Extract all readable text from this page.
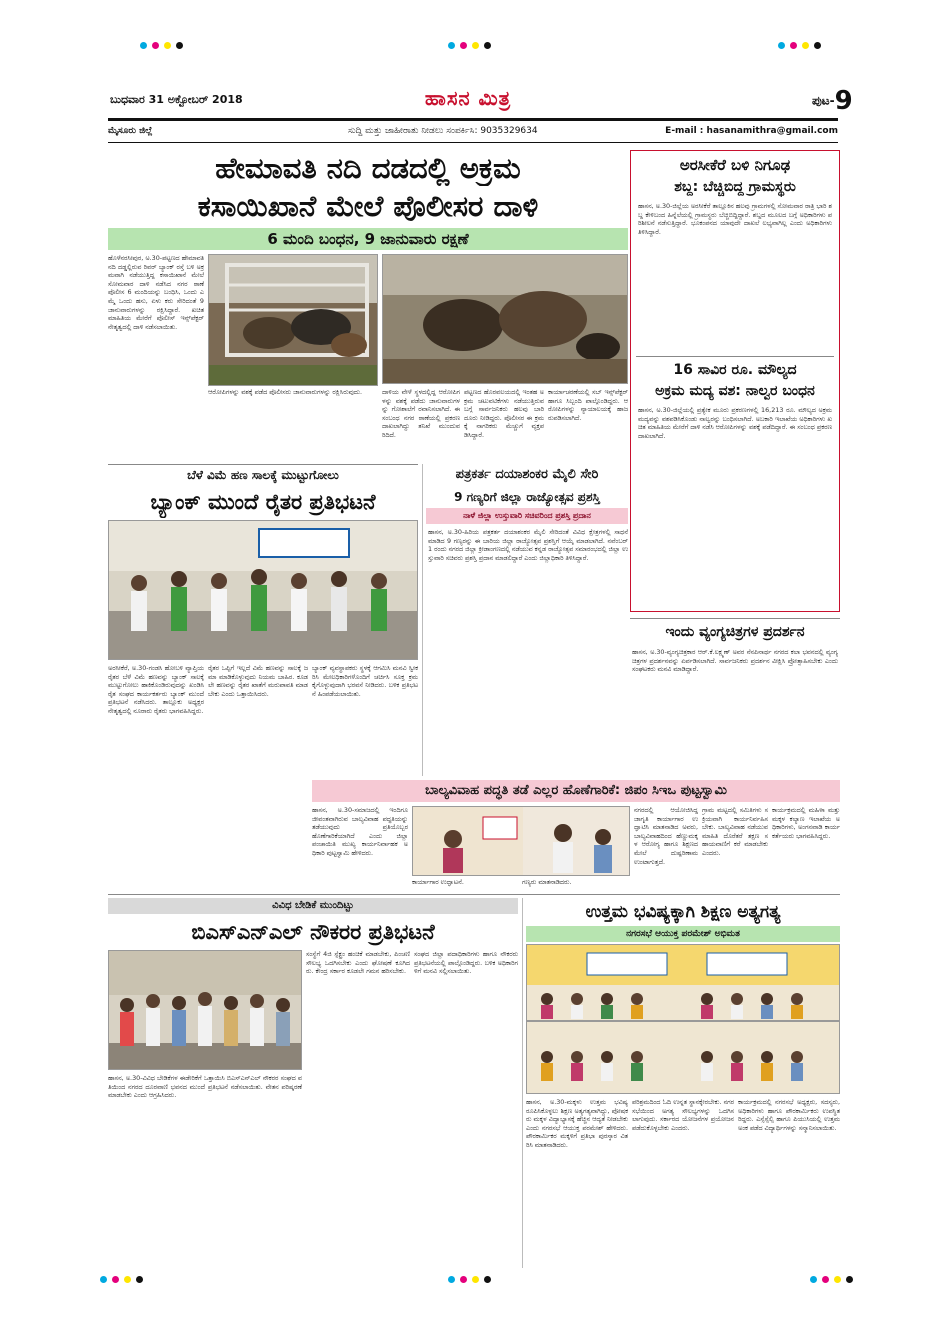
ಬುಧವಾರ 31 ಅಕ್ಟೋಬರ್ 2018	ಹಾಸನ ಮಿತ್ರ	ಪುಟ-9
ಮೈಸೂರು ಜಿಲ್ಲೆ	ಸುದ್ದಿ ಮತ್ತು ಜಾಹೀರಾತು ನೀಡಲು ಸಂಪರ್ಕಿಸಿ: 9035329634	E-mail : hasanamithra@gmail.com
ಹೇಮಾವತಿ ನದಿ ದಡದಲ್ಲಿ ಅಕ್ರಮ
ಕಸಾಯಿಖಾನೆ ಮೇಲೆ ಪೊಲೀಸರ ದಾಳಿ
6 ಮಂದಿ ಬಂಧನ, 9 ಜಾನುವಾರು ರಕ್ಷಣೆ

ಹೊಳೆನರಸೀಪುರ, ಅ.30-ಪಟ್ಟಣದ ಹೇಮಾವತಿ ನದಿ ದಡ್ಡಲ್ಲಿರುವ ರಿವರ್ ಬ್ಯಾಂಕ್ ರಸ್ತೆ ಬಳಿ ಅಕ್ರಮವಾಗಿ ನಡೆಯುತ್ತಿದ್ದ ಕಸಾಯಿಖಾನೆ ಮೇಲೆ ಸೋಮವಾರ ದಾಳಿ ನಡೆಸಿದ ನಗರ ಠಾಣೆ ಪೊಲೀಸ 6 ಮಂದಿಯನ್ನು ಬಂಧಿಸಿ, ಒಂದು ಎಮ್ಮೆ ಒಂದು ಹಸು, ಏಳು ಕರು ಸೇರಿದಂತೆ 9 ಜಾನುವಾರುಗಳನ್ನು ರಕ್ಷಿಸಿದ್ದಾರೆ. ಖಚಿತ ಮಾಹಿತಿಯ ಮೇರೆಗೆ ಪೊಲೀಸ್ ಇನ್ಸ್‌ಪೆಕ್ಟರ್ ನೇತೃತ್ವದಲ್ಲಿ ದಾಳಿ ನಡೆಸಲಾಯಿತು.

ಆರೋಪಿಗಳನ್ನು ವಶಕ್ಕೆ ಪಡೆದ ಪೊಲೀಸರು ಜಾನುವಾರುಗಳನ್ನು ರಕ್ಷಿಸಿರುವುದು.	ದಾಳಿಯ ವೇಳೆ ಸ್ಥಳದಲ್ಲಿದ್ದ ಆರೋಪಿಗಳನ್ನು ವಶಕ್ಕೆ ಪಡೆದು ಜಾನುವಾರುಗಳನ್ನು ಗೋಶಾಲೆಗೆ ರವಾನಿಸಲಾಗಿದೆ. ಈ ಸಂಬಂಧ ನಗರ ಠಾಣೆಯಲ್ಲಿ ಪ್ರಕರಣ ದಾಖಲಾಗಿದ್ದು ತನಿಖೆ ಮುಂದುವರಿದಿದೆ.

ಪಟ್ಟಣದ ಹೊರವಲಯದಲ್ಲಿ ಇಂತಹ ಅಕ್ರಮ ಚಟುವಟಿಕೆಗಳು ನಡೆಯುತ್ತಿರುವ ಬಗ್ಗೆ ಸಾರ್ವಜನಿಕರು ಹಲವು ಬಾರಿ ದೂರು ನೀಡಿದ್ದರು. ಪೊಲೀಸರ ಈ ಕ್ರಮಕ್ಕೆ ನಾಗರಿಕರು ಮೆಚ್ಚುಗೆ ವ್ಯಕ್ತಪಡಿಸಿದ್ದಾರೆ.

ಕಾರ್ಯಾಚರಣೆಯಲ್ಲಿ ಸಬ್ ಇನ್ಸ್‌ಪೆಕ್ಟರ್ ಹಾಗೂ ಸಿಬ್ಬಂದಿ ಪಾಲ್ಗೊಂಡಿದ್ದರು. ಆರೋಪಿಗಳನ್ನು ನ್ಯಾಯಾಲಯಕ್ಕೆ ಹಾಜರುಪಡಿಸಲಾಗಿದೆ.

ಅರಸೀಕೆರೆ ಬಳಿ ನಿಗೂಢ
ಶಬ್ದ: ಬೆಚ್ಚಿಬಿದ್ದ ಗ್ರಾಮಸ್ಥರು

ಹಾಸನ, ಅ.30-ಜಿಲ್ಲೆಯ ಅರಸೀಕೆರೆ ತಾಲ್ಲೂಕಿನ ಹಲವು ಗ್ರಾಮಗಳಲ್ಲಿ ಸೋಮವಾರ ರಾತ್ರಿ ಭಾರಿ ಶಬ್ದ ಕೇಳಿಬಂದ ಹಿನ್ನೆಲೆಯಲ್ಲಿ ಗ್ರಾಮಸ್ಥರು ಬೆಚ್ಚಿಬಿದ್ದಿದ್ದಾರೆ. ಶಬ್ದದ ಮೂಲದ ಬಗ್ಗೆ ಅಧಿಕಾರಿಗಳು ಪರಿಶೀಲನೆ ನಡೆಸುತ್ತಿದ್ದಾರೆ. ಭೂಕಂಪನದ ಯಾವುದೇ ದಾಖಲೆ ಲಭ್ಯವಾಗಿಲ್ಲ ಎಂದು ಅಧಿಕಾರಿಗಳು ತಿಳಿಸಿದ್ದಾರೆ.

16 ಸಾವಿರ ರೂ. ಮೌಲ್ಯದ
ಅಕ್ರಮ ಮದ್ಯ ವಶ: ನಾಲ್ವರ ಬಂಧನ

ಹಾಸನ, ಅ.30-ಜಿಲ್ಲೆಯಲ್ಲಿ ಪ್ರತ್ಯೇಕ ಮೂರು ಪ್ರಕರಣಗಳಲ್ಲಿ 16,213 ರೂ. ಮೌಲ್ಯದ ಅಕ್ರಮ ಮದ್ಯವನ್ನು ವಶಪಡಿಸಿಕೊಂಡು ನಾಲ್ವರನ್ನು ಬಂಧಿಸಲಾಗಿದೆ. ಅಬಕಾರಿ ಇಲಾಖೆಯ ಅಧಿಕಾರಿಗಳು ಖಚಿತ ಮಾಹಿತಿಯ ಮೇರೆಗೆ ದಾಳಿ ನಡೆಸಿ ಆರೋಪಿಗಳನ್ನು ವಶಕ್ಕೆ ಪಡೆದಿದ್ದಾರೆ. ಈ ಸಂಬಂಧ ಪ್ರಕರಣ ದಾಖಲಾಗಿದೆ.

ಬೆಳೆ ವಿಮೆ ಹಣ ಸಾಲಕ್ಕೆ ಮುಟ್ಟುಗೋಲು
ಬ್ಯಾಂಕ್ ಮುಂದೆ ರೈತರ ಪ್ರತಿಭಟನೆ

ಅರಸೀಕೆರೆ, ಅ.30-ಗಂಡಸಿ ಹೋಬಳಿ ವ್ಯಾಪ್ತಿಯ ರೈತರ ಬೆಳೆ ವಿಮೆ ಹಣವನ್ನು ಬ್ಯಾಂಕ್ ಸಾಲಕ್ಕೆ ಮುಟ್ಟುಗೋಲು ಹಾಕಿಕೊಂಡಿರುವುದನ್ನು ಖಂಡಿಸಿ ರೈತ ಸಂಘದ ಕಾರ್ಯಕರ್ತರು ಬ್ಯಾಂಕ್ ಮುಂದೆ ಪ್ರತಿಭಟನೆ ನಡೆಸಿದರು. ತಾಲ್ಲೂಕು ಅಧ್ಯಕ್ಷರ ನೇತೃತ್ವದಲ್ಲಿ ನೂರಾರು ರೈತರು ಭಾಗವಹಿಸಿದ್ದರು.

ರೈತರ ಒಪ್ಪಿಗೆ ಇಲ್ಲದೆ ವಿಮೆ ಹಣವನ್ನು ಸಾಲಕ್ಕೆ ಜಮಾ ಮಾಡಿಕೊಳ್ಳುವುದು ನಿಯಮ ಬಾಹಿರ. ಕೂಡಲೇ ಹಣವನ್ನು ರೈತರ ಖಾತೆಗೆ ಮರುಪಾವತಿ ಮಾಡಬೇಕು ಎಂದು ಒತ್ತಾಯಿಸಿದರು.

ಬ್ಯಾಂಕ್ ವ್ಯವಸ್ಥಾಪಕರು ಸ್ಥಳಕ್ಕೆ ಆಗಮಿಸಿ ಮನವಿ ಸ್ವೀಕರಿಸಿ ಮೇಲಧಿಕಾರಿಗಳೊಂದಿಗೆ ಚರ್ಚಿಸಿ ಸೂಕ್ತ ಕ್ರಮ ಕೈಗೊಳ್ಳುವುದಾಗಿ ಭರವಸೆ ನೀಡಿದರು. ಬಳಿಕ ಪ್ರತಿಭಟನೆ ಹಿಂಪಡೆಯಲಾಯಿತು.

ಪತ್ರಕರ್ತ ದಯಾಶಂಕರ ಮೈಲಿ ಸೇರಿ
9 ಗಣ್ಯರಿಗೆ ಜಿಲ್ಲಾ ರಾಜ್ಯೋತ್ಸವ ಪ್ರಶಸ್ತಿ
ನಾಳೆ ಜಿಲ್ಲಾ ಉಸ್ತುವಾರಿ ಸಚಿವರಿಂದ ಪ್ರಶಸ್ತಿ ಪ್ರದಾನ

ಹಾಸನ, ಅ.30-ಹಿರಿಯ ಪತ್ರಕರ್ತ ದಯಾಶಂಕರ ಮೈಲಿ ಸೇರಿದಂತೆ ವಿವಿಧ ಕ್ಷೇತ್ರಗಳಲ್ಲಿ ಸಾಧನೆ ಮಾಡಿದ 9 ಗಣ್ಯರನ್ನು ಈ ಬಾರಿಯ ಜಿಲ್ಲಾ ರಾಜ್ಯೋತ್ಸವ ಪ್ರಶಸ್ತಿಗೆ ಆಯ್ಕೆ ಮಾಡಲಾಗಿದೆ. ನವೆಂಬರ್ 1 ರಂದು ನಗರದ ಜಿಲ್ಲಾ ಕ್ರೀಡಾಂಗಣದಲ್ಲಿ ನಡೆಯುವ ಕನ್ನಡ ರಾಜ್ಯೋತ್ಸವ ಸಮಾರಂಭದಲ್ಲಿ ಜಿಲ್ಲಾ ಉಸ್ತುವಾರಿ ಸಚಿವರು ಪ್ರಶಸ್ತಿ ಪ್ರದಾನ ಮಾಡಲಿದ್ದಾರೆ ಎಂದು ಜಿಲ್ಲಾಧಿಕಾರಿ ತಿಳಿಸಿದ್ದಾರೆ.

ಇಂದು ವ್ಯಂಗ್ಯಚಿತ್ರಗಳ ಪ್ರದರ್ಶನ

ಹಾಸನ, ಅ.30-ವ್ಯಂಗ್ಯಚಿತ್ರಕಾರ ಆರ್.ಕೆ.ಲಕ್ಷ್ಮಣ್ ಅವರ ನೆನಪಿನಾರ್ಥ ನಗರದ ಕಲಾ ಭವನದಲ್ಲಿ ವ್ಯಂಗ್ಯಚಿತ್ರಗಳ ಪ್ರದರ್ಶನವನ್ನು ಏರ್ಪಡಿಸಲಾಗಿದೆ. ಸಾರ್ವಜನಿಕರು ಪ್ರದರ್ಶನ ವೀಕ್ಷಿಸಿ ಪ್ರೋತ್ಸಾಹಿಸಬೇಕು ಎಂದು ಸಂಘಟಕರು ಮನವಿ ಮಾಡಿದ್ದಾರೆ.

ಬಾಲ್ಯವಿವಾಹ ಪದ್ಧತಿ ತಡೆ ಎಲ್ಲರ ಹೊಣೆಗಾರಿಕೆ: ಜಿಪಂ ಸಿಇಒ ಪುಟ್ಟಸ್ವಾಮಿ

ಹಾಸನ, ಅ.30-ಸಮಾಜದಲ್ಲಿ ಇಂದಿಗೂ ಜೀವಂತವಾಗಿರುವ ಬಾಲ್ಯವಿವಾಹ ಪದ್ಧತಿಯನ್ನು ತಡೆಯುವುದು ಪ್ರತಿಯೊಬ್ಬರ ಹೊಣೆಗಾರಿಕೆಯಾಗಿದೆ ಎಂದು ಜಿಲ್ಲಾ ಪಂಚಾಯಿತಿ ಮುಖ್ಯ ಕಾರ್ಯನಿರ್ವಾಹಕ ಅಧಿಕಾರಿ ಪುಟ್ಟಸ್ವಾಮಿ ಹೇಳಿದರು.

ಕಾರ್ಯಾಗಾರ ಉದ್ಘಾಟನೆ.	ಗಣ್ಯರು ಮಾತನಾಡಿದರು.

ನಗರದಲ್ಲಿ ಆಯೋಜಿಸಿದ್ದ ಜಾಗೃತಿ ಕಾರ್ಯಾಗಾರ ಉದ್ಘಾಟಿಸಿ ಮಾತನಾಡಿದ ಅವರು, ಬಾಲ್ಯವಿವಾಹದಿಂದ ಹೆಣ್ಣುಮಕ್ಕಳ ಆರೋಗ್ಯ ಹಾಗೂ ಶಿಕ್ಷಣದ ಮೇಲೆ ದುಷ್ಪರಿಣಾಮ ಉಂಟಾಗುತ್ತದೆ.

ಗ್ರಾಮ ಮಟ್ಟದಲ್ಲಿ ಸಮಿತಿಗಳು ಸಕ್ರಿಯವಾಗಿ ಕಾರ್ಯನಿರ್ವಹಿಸಬೇಕು. ಬಾಲ್ಯವಿವಾಹ ನಡೆಯುವ ಮಾಹಿತಿ ದೊರೆತರೆ ತಕ್ಷಣ ಸಹಾಯವಾಣಿಗೆ ಕರೆ ಮಾಡಬೇಕು ಎಂದರು.

ಕಾರ್ಯಕ್ರಮದಲ್ಲಿ ಮಹಿಳಾ ಮತ್ತು ಮಕ್ಕಳ ಕಲ್ಯಾಣ ಇಲಾಖೆಯ ಅಧಿಕಾರಿಗಳು, ಅಂಗನವಾಡಿ ಕಾರ್ಯಕರ್ತೆಯರು ಭಾಗವಹಿಸಿದ್ದರು.

ವಿವಿಧ ಬೇಡಿಕೆ ಮುಂದಿಟ್ಟು
ಬಿಎಸ್‌ಎನ್‌ಎಲ್ ನೌಕರರ ಪ್ರತಿಭಟನೆ

ಸಂಸ್ಥೆಗೆ 4ಜಿ ಸ್ಪೆಕ್ಟ್ರಂ ಹಂಚಿಕೆ ಮಾಡಬೇಕು, ಪಿಂಚಣಿ ಸೌಲಭ್ಯ ಒದಗಿಸಬೇಕು ಎಂದು ಘೋಷಣೆ ಕೂಗಿದರು. ಕೇಂದ್ರ ಸರ್ಕಾರ ಕೂಡಲೇ ಗಮನ ಹರಿಸಬೇಕು.

ಸಂಘದ ಜಿಲ್ಲಾ ಪದಾಧಿಕಾರಿಗಳು ಹಾಗೂ ನೌಕರರು ಪ್ರತಿಭಟನೆಯಲ್ಲಿ ಪಾಲ್ಗೊಂಡಿದ್ದರು. ಬಳಿಕ ಅಧಿಕಾರಿಗಳಿಗೆ ಮನವಿ ಸಲ್ಲಿಸಲಾಯಿತು.

ಹಾಸನ, ಅ.30-ವಿವಿಧ ಬೇಡಿಕೆಗಳ ಈಡೇರಿಕೆಗೆ ಒತ್ತಾಯಿಸಿ ಬಿಎಸ್‌ಎನ್‌ಎಲ್ ನೌಕರರ ಸಂಘದ ವತಿಯಿಂದ ನಗರದ ದೂರವಾಣಿ ಭವನದ ಮುಂದೆ ಪ್ರತಿಭಟನೆ ನಡೆಸಲಾಯಿತು. ವೇತನ ಪರಿಷ್ಕರಣೆ ಮಾಡಬೇಕು ಎಂದು ಆಗ್ರಹಿಸಿದರು.

ಉತ್ತಮ ಭವಿಷ್ಯಕ್ಕಾಗಿ ಶಿಕ್ಷಣ ಅತ್ಯಗತ್ಯ
ನಗರಸಭೆ ಆಯುಕ್ತ ಪರಮೇಶ್ ಅಭಿಮತ

ಹಾಸನ, ಅ.30-ಮಕ್ಕಳು ಉತ್ತಮ ಭವಿಷ್ಯ ರೂಪಿಸಿಕೊಳ್ಳಲು ಶಿಕ್ಷಣ ಅತ್ಯಗತ್ಯವಾಗಿದ್ದು, ಪೋಷಕರು ಮಕ್ಕಳ ವಿದ್ಯಾಭ್ಯಾಸಕ್ಕೆ ಹೆಚ್ಚಿನ ಆದ್ಯತೆ ನೀಡಬೇಕು ಎಂದು ನಗರಸಭೆ ಆಯುಕ್ತ ಪರಮೇಶ್ ಹೇಳಿದರು. ಪೌರಕಾರ್ಮಿಕರ ಮಕ್ಕಳಿಗೆ ಪ್ರತಿಭಾ ಪುರಸ್ಕಾರ ವಿತರಿಸಿ ಮಾತನಾಡಿದರು.

ಪರಿಶ್ರಮದಿಂದ ಓದಿ ಉನ್ನತ ಸ್ಥಾನಕ್ಕೇರಬೇಕು. ನಗರಸಭೆಯಿಂದ ಅಗತ್ಯ ಸೌಲಭ್ಯಗಳನ್ನು ಒದಗಿಸಲಾಗುವುದು. ಸರ್ಕಾರದ ಯೋಜನೆಗಳ ಪ್ರಯೋಜನ ಪಡೆದುಕೊಳ್ಳಬೇಕು ಎಂದರು.

ಕಾರ್ಯಕ್ರಮದಲ್ಲಿ ನಗರಸಭೆ ಅಧ್ಯಕ್ಷರು, ಸದಸ್ಯರು, ಅಧಿಕಾರಿಗಳು ಹಾಗೂ ಪೌರಕಾರ್ಮಿಕರು ಉಪಸ್ಥಿತರಿದ್ದರು. ಎಸ್ಸೆಸ್ಸೆಲ್ಸಿ ಹಾಗೂ ಪಿಯುಸಿಯಲ್ಲಿ ಉತ್ತಮ ಅಂಕ ಪಡೆದ ವಿದ್ಯಾರ್ಥಿಗಳನ್ನು ಸನ್ಮಾನಿಸಲಾಯಿತು.
